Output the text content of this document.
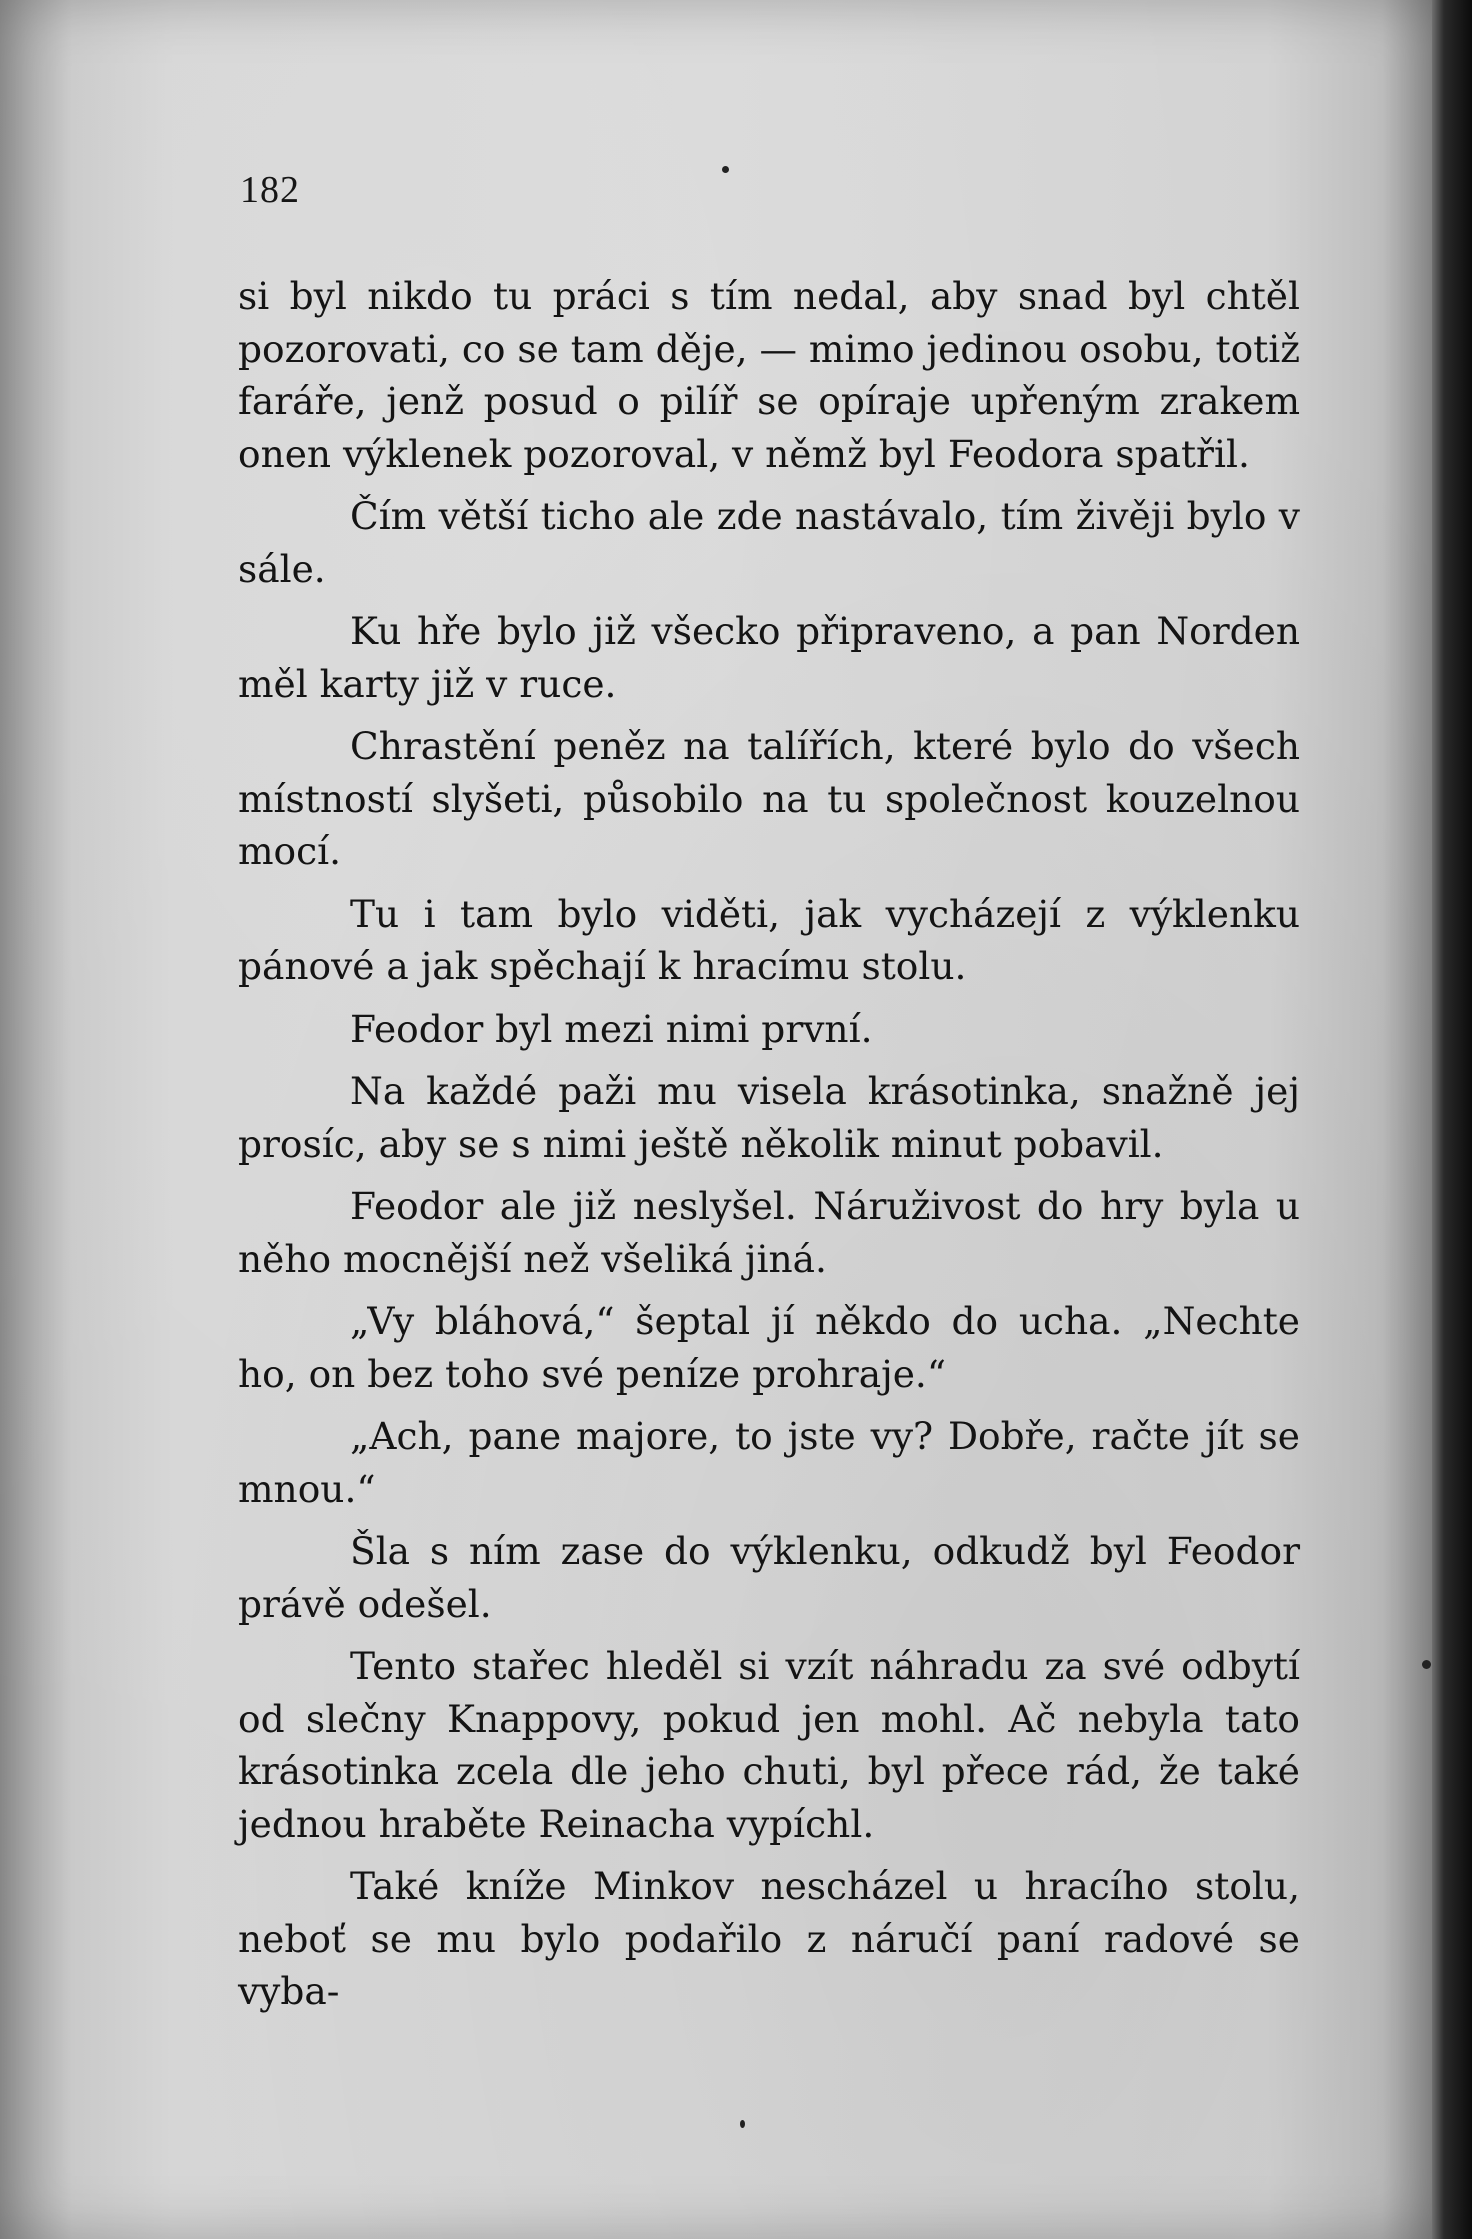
182

si byl nikdo tu práci s tím nedal, aby snad byl chtěl pozorovati, co se tam děje, — mimo jedinou osobu, totiž faráře, jenž posud o pilíř se opíraje upřeným zrakem onen výklenek pozoroval, v němž byl Feodora spatřil.

Čím větší ticho ale zde nastávalo, tím živěji bylo v sále.

Ku hře bylo již všecko připraveno, a pan Norden měl karty již v ruce.

Chrastění peněz na talířích, které bylo do všech místností slyšeti, působilo na tu společnost kouzelnou mocí.

Tu i tam bylo viděti, jak vycházejí z výklenku pánové a jak spěchají k hracímu stolu.

Feodor byl mezi nimi první.

Na každé paži mu visela krásotinka, snažně jej prosíc, aby se s nimi ještě několik minut pobavil.

Feodor ale již neslyšel. Náruživost do hry byla u něho mocnější než všeliká jiná.

„Vy bláhová,“ šeptal jí někdo do ucha. „Nechte ho, on bez toho své peníze prohraje.“

„Ach, pane majore, to jste vy? Dobře, račte jít se mnou.“

Šla s ním zase do výklenku, odkudž byl Feodor právě odešel.

Tento stařec hleděl si vzít náhradu za své odbytí od slečny Knappovy, pokud jen mohl. Ač nebyla tato krásotinka zcela dle jeho chuti, byl přece rád, že také jednou hraběte Reinacha vypíchl.

Také kníže Minkov nescházel u hracího stolu, neboť se mu bylo podařilo z náručí paní radové se vyba-
